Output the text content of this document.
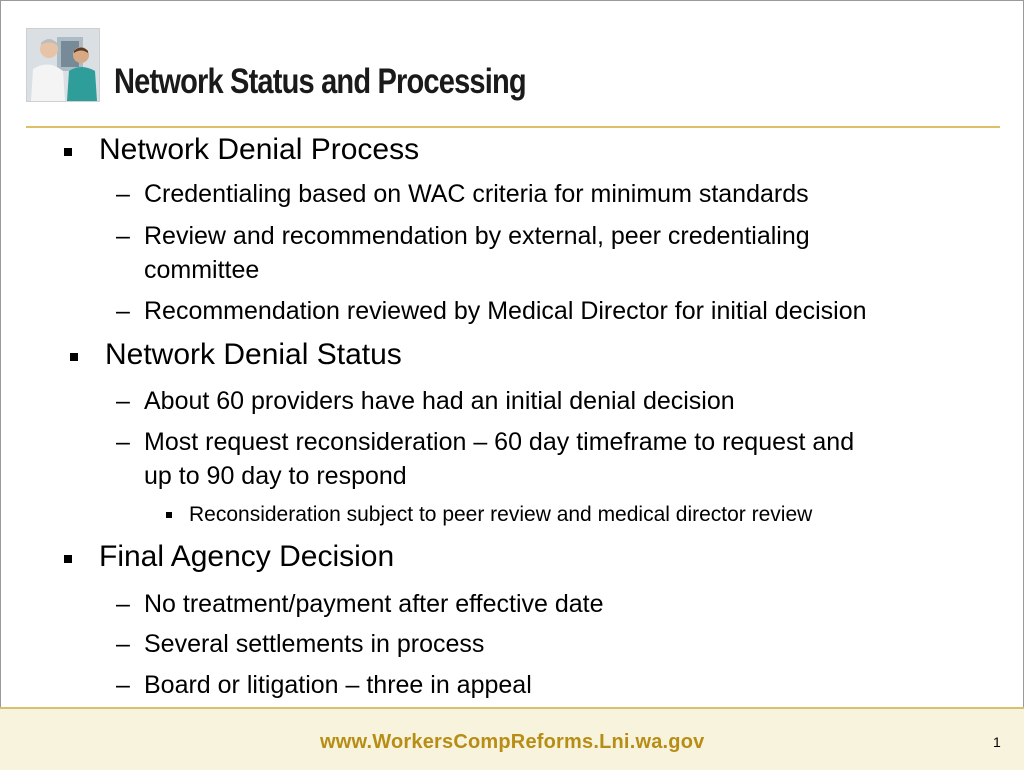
Network Status and Processing
Network Denial Process
– Credentialing based on WAC criteria for minimum standards
– Review and recommendation by external, peer credentialing
committee
– Recommendation reviewed by Medical Director for initial decision
Network Denial Status
– About 60 providers have had an initial denial decision
– Most request reconsideration – 60 day timeframe to request and
up to 90 day to respond
Reconsideration subject to peer review and medical director review
Final Agency Decision
– No treatment/payment after effective date
– Several settlements in process
– Board or litigation – three in appeal
www.WorkersCompReforms.Lni.wa.gov	1
